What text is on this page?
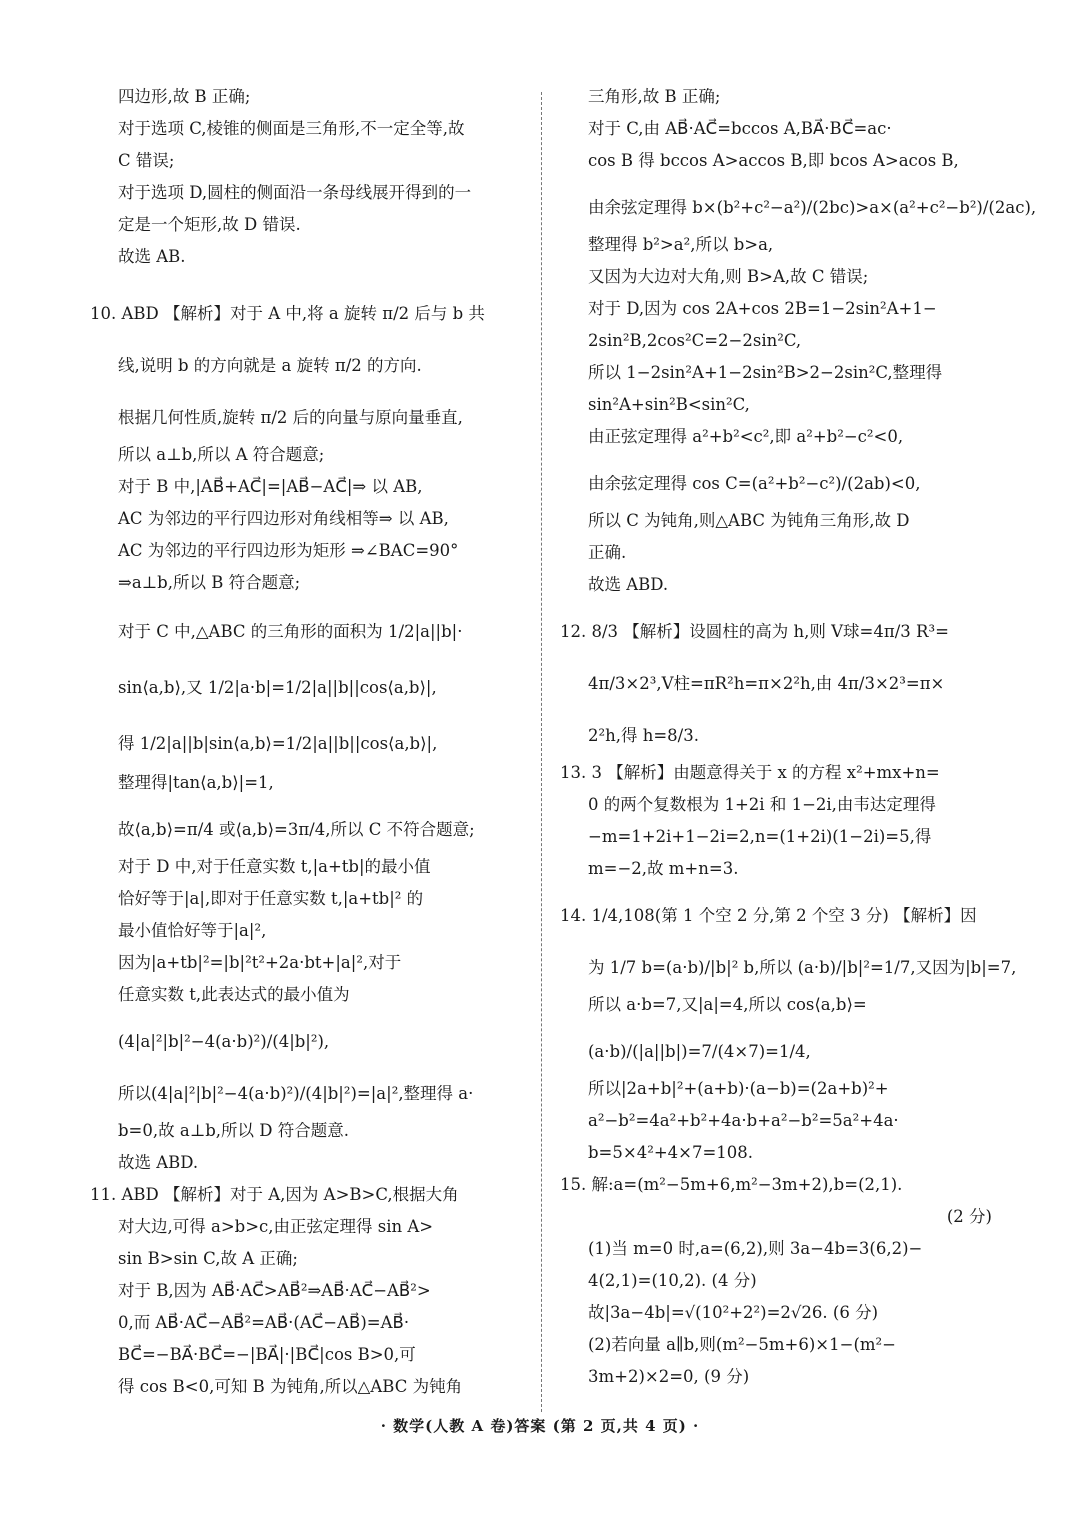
四边形,故 B 正确;
对于选项 C,棱锥的侧面是三角形,不一定全等,故
C 错误;
对于选项 D,圆柱的侧面沿一条母线展开得到的一
定是一个矩形,故 D 错误.
故选 AB.
10. ABD 【解析】对于 A 中,将 a 旋转 π/2 后与 b 共
线,说明 b 的方向就是 a 旋转 π/2 的方向.
根据几何性质,旋转 π/2 后的向量与原向量垂直,
所以 a⊥b,所以 A 符合题意;
对于 B 中,|AB⃗+AC⃗|=|AB⃗−AC⃗|⇒ 以 AB,
AC 为邻边的平行四边形对角线相等⇒ 以 AB,
AC 为邻边的平行四边形为矩形 ⇒∠BAC=90°
⇒a⊥b,所以 B 符合题意;
对于 C 中,△ABC 的三角形的面积为 1/2|a||b|·
sin⟨a,b⟩,又 1/2|a·b|=1/2|a||b||cos⟨a,b⟩|,
得 1/2|a||b|sin⟨a,b⟩=1/2|a||b||cos⟨a,b⟩|,
整理得|tan⟨a,b⟩|=1,
故⟨a,b⟩=π/4 或⟨a,b⟩=3π/4,所以 C 不符合题意;
对于 D 中,对于任意实数 t,|a+tb|的最小值
恰好等于|a|,即对于任意实数 t,|a+tb|² 的
最小值恰好等于|a|²,
因为|a+tb|²=|b|²t²+2a·bt+|a|²,对于
任意实数 t,此表达式的最小值为
(4|a|²|b|²−4(a·b)²)/(4|b|²),
所以(4|a|²|b|²−4(a·b)²)/(4|b|²)=|a|²,整理得 a·
b=0,故 a⊥b,所以 D 符合题意.
故选 ABD.
11. ABD 【解析】对于 A,因为 A>B>C,根据大角
对大边,可得 a>b>c,由正弦定理得 sin A>
sin B>sin C,故 A 正确;
对于 B,因为 AB⃗·AC⃗>AB⃗²⇒AB⃗·AC⃗−AB⃗²>
0,而 AB⃗·AC⃗−AB⃗²=AB⃗·(AC⃗−AB⃗)=AB⃗·
BC⃗=−BA⃗·BC⃗=−|BA⃗|·|BC⃗|cos B>0,可
得 cos B<0,可知 B 为钝角,所以△ABC 为钝角
三角形,故 B 正确;
对于 C,由 AB⃗·AC⃗=bccos A,BA⃗·BC⃗=ac·
cos B 得 bccos A>accos B,即 bcos A>acos B,
由余弦定理得 b×(b²+c²−a²)/(2bc)>a×(a²+c²−b²)/(2ac),
整理得 b²>a²,所以 b>a,
又因为大边对大角,则 B>A,故 C 错误;
对于 D,因为 cos 2A+cos 2B=1−2sin²A+1−
2sin²B,2cos²C=2−2sin²C,
所以 1−2sin²A+1−2sin²B>2−2sin²C,整理得
sin²A+sin²B<sin²C,
由正弦定理得 a²+b²<c²,即 a²+b²−c²<0,
由余弦定理得 cos C=(a²+b²−c²)/(2ab)<0,
所以 C 为钝角,则△ABC 为钝角三角形,故 D
正确.
故选 ABD.
12. 8/3 【解析】设圆柱的高为 h,则 V球=4π/3 R³=
4π/3×2³,V柱=πR²h=π×2²h,由 4π/3×2³=π×
2²h,得 h=8/3.
13. 3 【解析】由题意得关于 x 的方程 x²+mx+n=
0 的两个复数根为 1+2i 和 1−2i,由韦达定理得
−m=1+2i+1−2i=2,n=(1+2i)(1−2i)=5,得
m=−2,故 m+n=3.
14. 1/4,108(第 1 个空 2 分,第 2 个空 3 分) 【解析】因
为 1/7 b=(a·b)/|b|² b,所以 (a·b)/|b|²=1/7,又因为|b|=7,
所以 a·b=7,又|a|=4,所以 cos⟨a,b⟩=
(a·b)/(|a||b|)=7/(4×7)=1/4,
所以|2a+b|²+(a+b)·(a−b)=(2a+b)²+
a²−b²=4a²+b²+4a·b+a²−b²=5a²+4a·
b=5×4²+4×7=108.
15. 解:a=(m²−5m+6,m²−3m+2),b=(2,1).
(2 分)
(1)当 m=0 时,a=(6,2),则 3a−4b=3(6,2)−
4(2,1)=(10,2). (4 分)
故|3a−4b|=√(10²+2²)=2√26. (6 分)
(2)若向量 a∥b,则(m²−5m+6)×1−(m²−
3m+2)×2=0, (9 分)
· 数学(人教 A 卷)答案 (第 2 页,共 4 页) ·
